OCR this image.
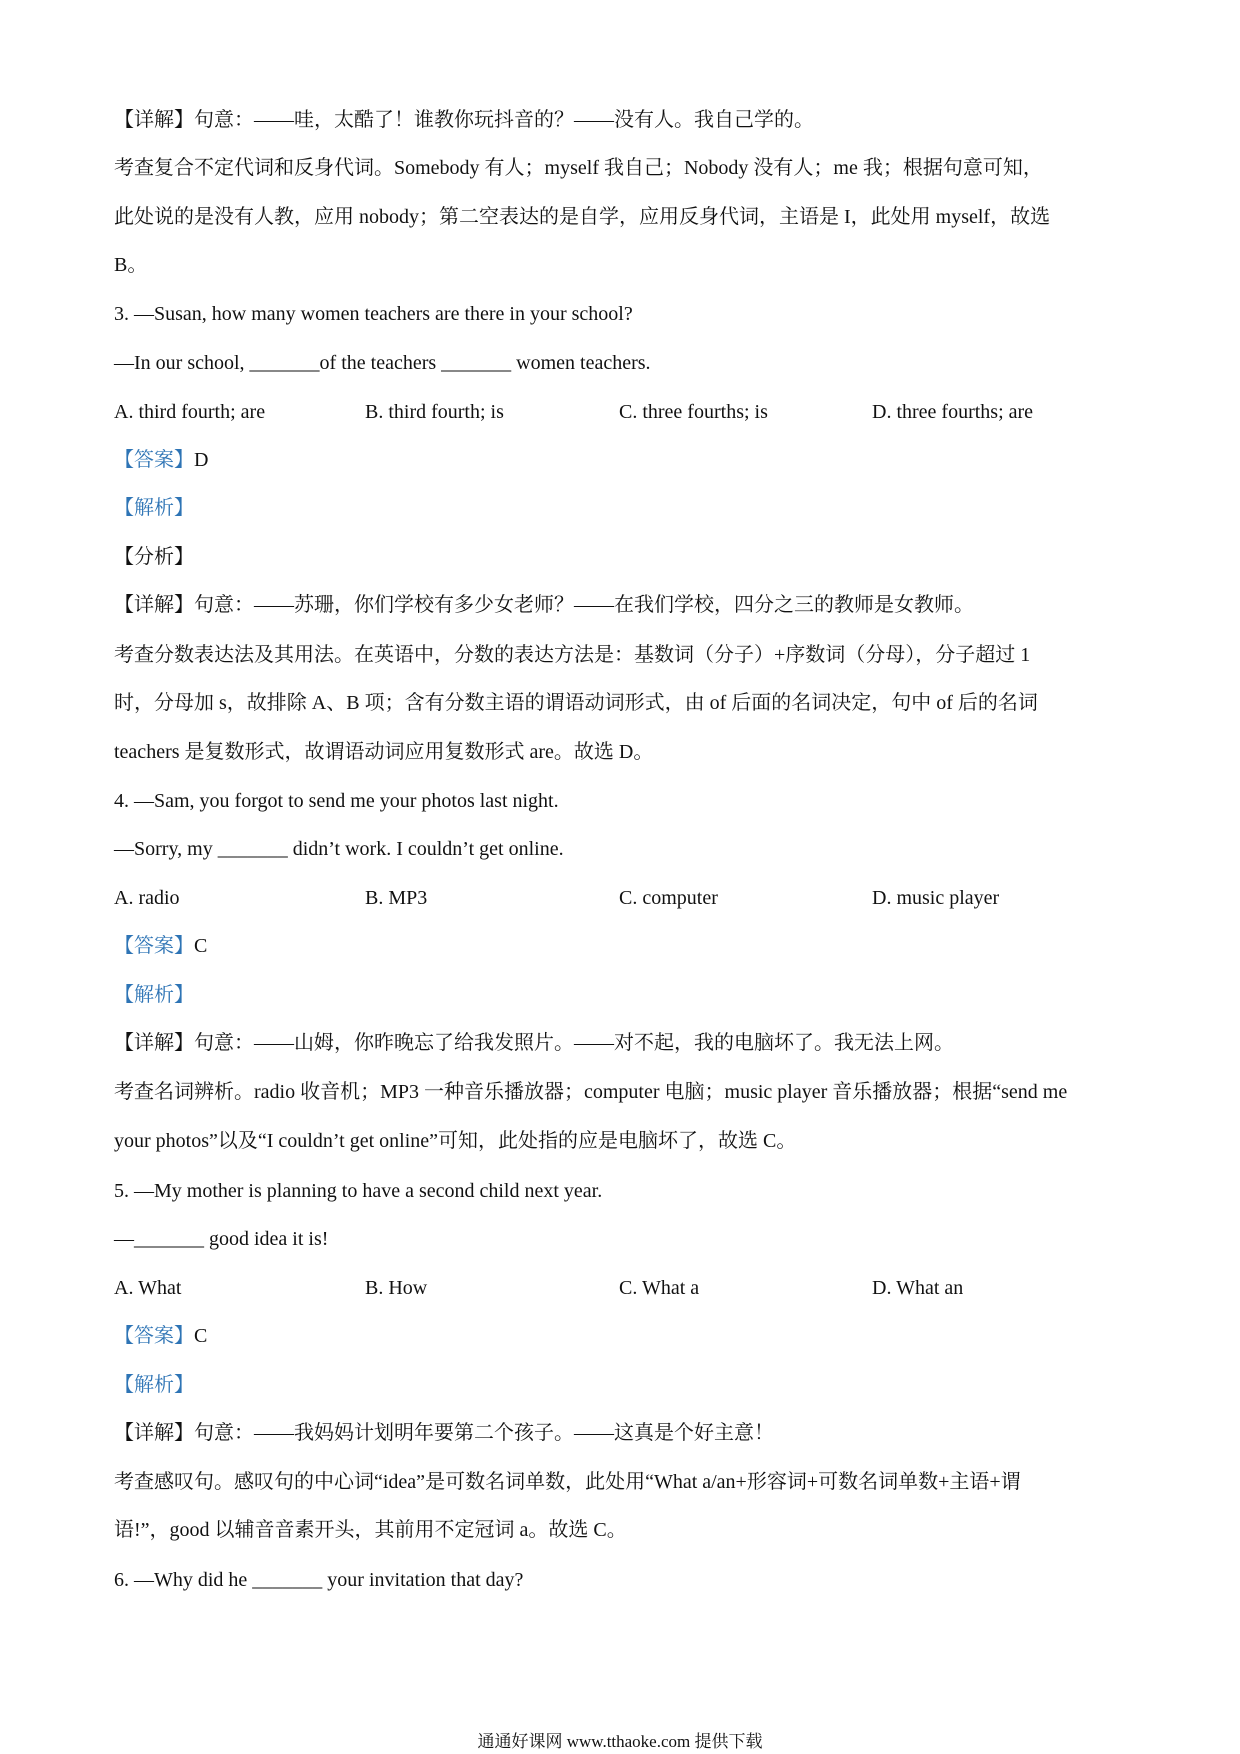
【详解】句意：——哇，太酷了！谁教你玩抖音的？——没有人。我自己学的。
考查复合不定代词和反身代词。Somebody 有人；myself 我自己；Nobody 没有人；me 我；根据句意可知，
此处说的是没有人教，应用 nobody；第二空表达的是自学，应用反身代词，主语是 I，此处用 myself，故选
B。
3. —Susan, how many women teachers are there in your school?
—In our school, _______of the teachers _______ women teachers.
A. third fourth; are	B. third fourth; is	C. three fourths; is	D. three fourths; are
【答案】D
【解析】
【分析】
【详解】句意：——苏珊，你们学校有多少女老师？——在我们学校，四分之三的教师是女教师。
考查分数表达法及其用法。在英语中，分数的表达方法是：基数词（分子）+序数词（分母），分子超过 1
时，分母加 s，故排除 A、B 项；含有分数主语的谓语动词形式，由 of 后面的名词决定，句中 of 后的名词
teachers 是复数形式，故谓语动词应用复数形式 are。故选 D。
4. —Sam, you forgot to send me your photos last night.
—Sorry, my _______ didn’t work. I couldn’t get online.
A. radio	B. MP3	C. computer	D. music player
【答案】C
【解析】
【详解】句意：——山姆，你昨晚忘了给我发照片。——对不起，我的电脑坏了。我无法上网。
考查名词辨析。radio 收音机；MP3 一种音乐播放器；computer 电脑；music player 音乐播放器；根据“send me
your photos”以及“I couldn’t get online”可知，此处指的应是电脑坏了，故选 C。
5. —My mother is planning to have a second child next year.
—_______ good idea it is!
A. What	B. How	C. What a	D. What an
【答案】C
【解析】
【详解】句意：——我妈妈计划明年要第二个孩子。——这真是个好主意！
考查感叹句。感叹句的中心词“idea”是可数名词单数，此处用“What a/an+形容词+可数名词单数+主语+谓
语!”，good 以辅音音素开头，其前用不定冠词 a。故选 C。
6. —Why did he _______ your invitation that day?
通通好课网 www.tthaoke.com 提供下载
